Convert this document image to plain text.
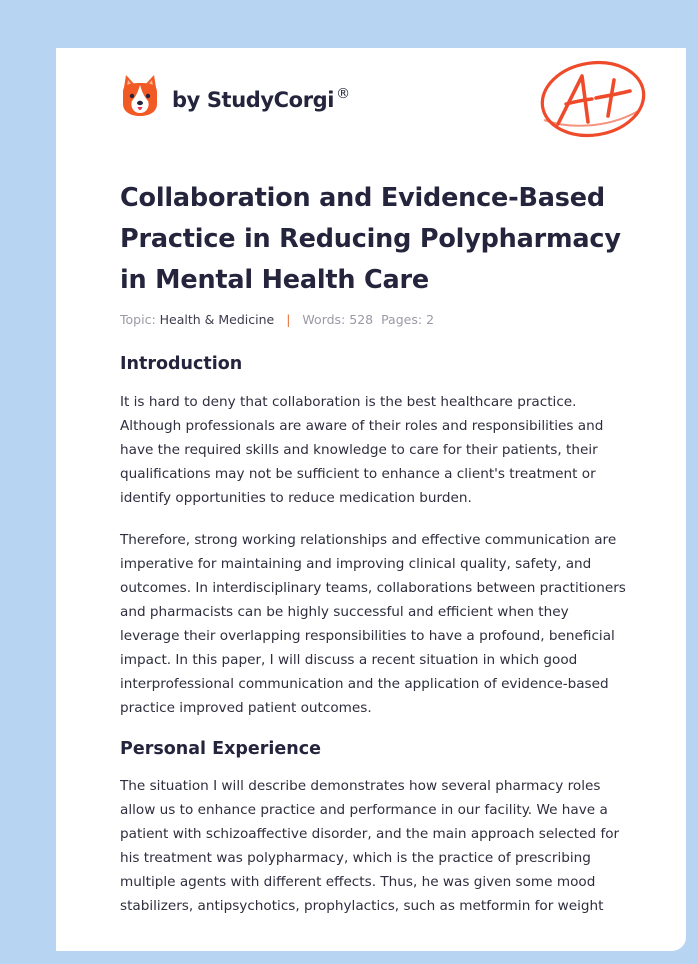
by StudyCorgi ®
Collaboration and Evidence-Based Practice in Reducing Polypharmacy in Mental Health Care
Topic: Health & Medicine | Words: 528 Pages: 2
Introduction

It is hard to deny that collaboration is the best healthcare practice. Although professionals are aware of their roles and responsibilities and have the required skills and knowledge to care for their patients, their qualifications may not be sufficient to enhance a client's treatment or identify opportunities to reduce medication burden.

Therefore, strong working relationships and effective communication are imperative for maintaining and improving clinical quality, safety, and outcomes. In interdisciplinary teams, collaborations between practitioners and pharmacists can be highly successful and efficient when they leverage their overlapping responsibilities to have a profound, beneficial impact. In this paper, I will discuss a recent situation in which good interprofessional communication and the application of evidence-based practice improved patient outcomes.

Personal Experience

The situation I will describe demonstrates how several pharmacy roles allow us to enhance practice and performance in our facility. We have a patient with schizoaffective disorder, and the main approach selected for his treatment was polypharmacy, which is the practice of prescribing multiple agents with different effects. Thus, he was given some mood stabilizers, antipsychotics, prophylactics, such as metformin for weight
